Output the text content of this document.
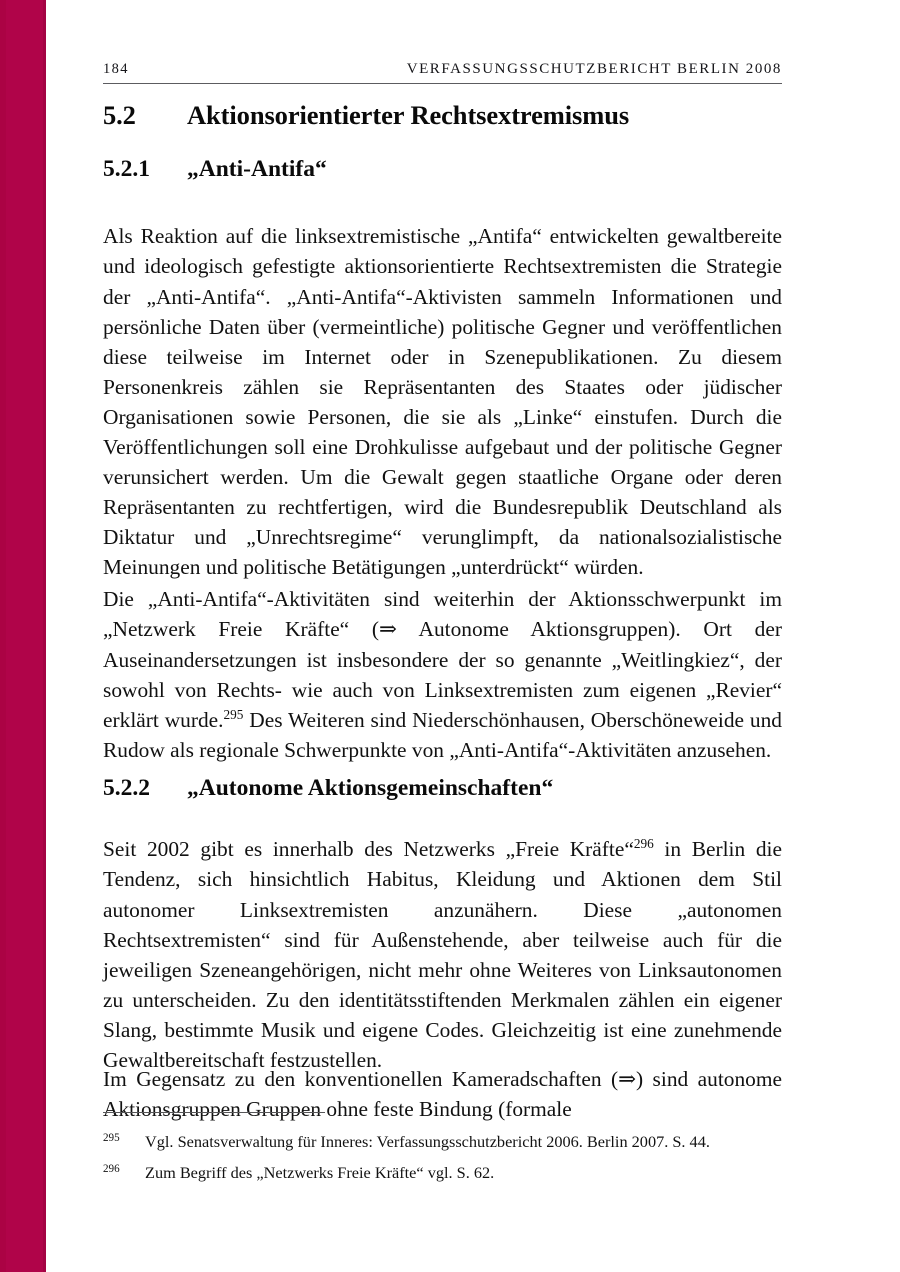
184	VERFASSUNGSSCHUTZBERICHT BERLIN 2008
5.2 Aktionsorientierter Rechtsextremismus
5.2.1 „Anti-Antifa“

Als Reaktion auf die linksextremistische „Antifa“ entwickelten gewaltbereite und ideologisch gefestigte aktionsorientierte Rechtsextremisten die Strategie der „Anti-Antifa“. „Anti-Antifa“-Aktivisten sammeln Informationen und persönliche Daten über (vermeintliche) politische Gegner und veröffentlichen diese teilweise im Internet oder in Szenepublikationen. Zu diesem Personenkreis zählen sie Repräsentanten des Staates oder jüdischer Organisationen sowie Personen, die sie als „Linke“ einstufen. Durch die Veröffentlichungen soll eine Drohkulisse aufgebaut und der politische Gegner verunsichert werden. Um die Gewalt gegen staatliche Organe oder deren Repräsentanten zu rechtfertigen, wird die Bundesrepublik Deutschland als Diktatur und „Unrechtsregime“ verunglimpft, da nationalsozialistische Meinungen und politische Betätigungen „unterdrückt“ würden.

Die „Anti-Antifa“-Aktivitäten sind weiterhin der Aktionsschwerpunkt im „Netzwerk Freie Kräfte“ (⇒ Autonome Aktionsgruppen). Ort der Auseinandersetzungen ist insbesondere der so genannte „Weitlingkiez“, der sowohl von Rechts- wie auch von Linksextremisten zum eigenen „Revier“ erklärt wurde.$^{295}$ Des Weiteren sind Niederschönhausen, Oberschöneweide und Rudow als regionale Schwerpunkte von „Anti-Antifa“-Aktivitäten anzusehen.

5.2.2 „Autonome Aktionsgemeinschaften“

Seit 2002 gibt es innerhalb des Netzwerks „Freie Kräfte“$^{296}$ in Berlin die Tendenz, sich hinsichtlich Habitus, Kleidung und Aktionen dem Stil autonomer Linksextremisten anzunähern. Diese „autonomen Rechtsextremisten“ sind für Außenstehende, aber teilweise auch für die jeweiligen Szeneangehörigen, nicht mehr ohne Weiteres von Linksautonomen zu unterscheiden. Zu den identitätsstiftenden Merkmalen zählen ein eigener Slang, bestimmte Musik und eigene Codes. Gleichzeitig ist eine zunehmende Gewaltbereitschaft festzustellen.

Im Gegensatz zu den konventionellen Kameradschaften (⇒) sind autonome Aktionsgruppen Gruppen ohne feste Bindung (formale

295	Vgl. Senatsverwaltung für Inneres: Verfassungsschutzbericht 2006. Berlin 2007. S. 44.
296	Zum Begriff des „Netzwerks Freie Kräfte“ vgl. S. 62.
